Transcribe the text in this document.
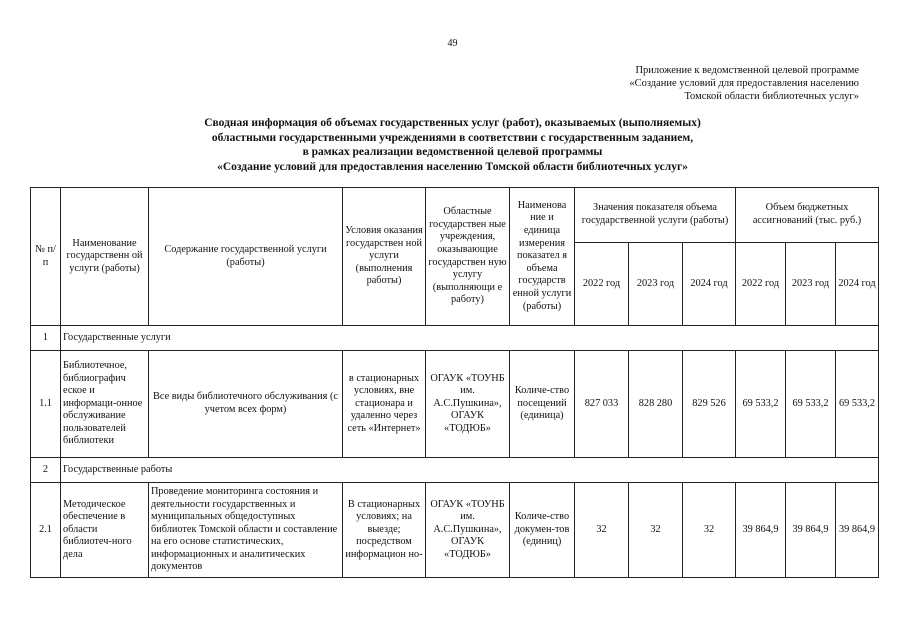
49
Приложение к ведомственной целевой программе
«Создание условий для предоставления населению
Томской области библиотечных услуг»
Сводная информация об объемах государственных услуг (работ), оказываемых (выполняемых)
областными государственными учреждениями в соответствии с государственным заданием,
в рамках реализации ведомственной целевой программы
«Создание условий для предоставления населению Томской области библиотечных услуг»
№ п/п	Наименование государственн ой услуги (работы)	Содержание государственной услуги (работы)	Условия оказания государствен ной услуги (выполнения работы)	Областные государствен ные учреждения, оказывающие государствен ную услугу (выполняющи е работу)	Наименова ние и единица измерения показател я объема государств енной услуги (работы)	Значения показателя объема государственной услуги (работы)			Объем бюджетных ассигнований (тыс. руб.)		
						2022 год	2023 год	2024 год	2022 год	2023 год	2024 год
1	Государственные услуги										
1.1	Библиотечное, библиографич еское и информаци-онное обслуживание пользователей библиотеки	Все виды библиотечного обслуживания (с учетом всех форм)	в стационарных условиях, вне стационара и удаленно через сеть «Интернет»	ОГАУК «ТОУНБ им. А.С.Пушкина», ОГАУК «ТОДЮБ»	Количе-ство посещений (единица)	827 033	828 280	829 526	69 533,2	69 533,2	69 533,2
2	Государственные работы										
2.1	Методическое обеспечение в области библиотеч-ного дела	Проведение мониторинга состояния и деятельности государственных и муниципальных общедоступных библиотек Томской области и составление на его основе статистических, информационных и аналитических документов	В стационарных условиях; на выезде; посредством информацион но-	ОГАУК «ТОУНБ им. А.С.Пушкина», ОГАУК «ТОДЮБ»	Количе-ство докумен-тов (единиц)	32	32	32	39 864,9	39 864,9	39 864,9
